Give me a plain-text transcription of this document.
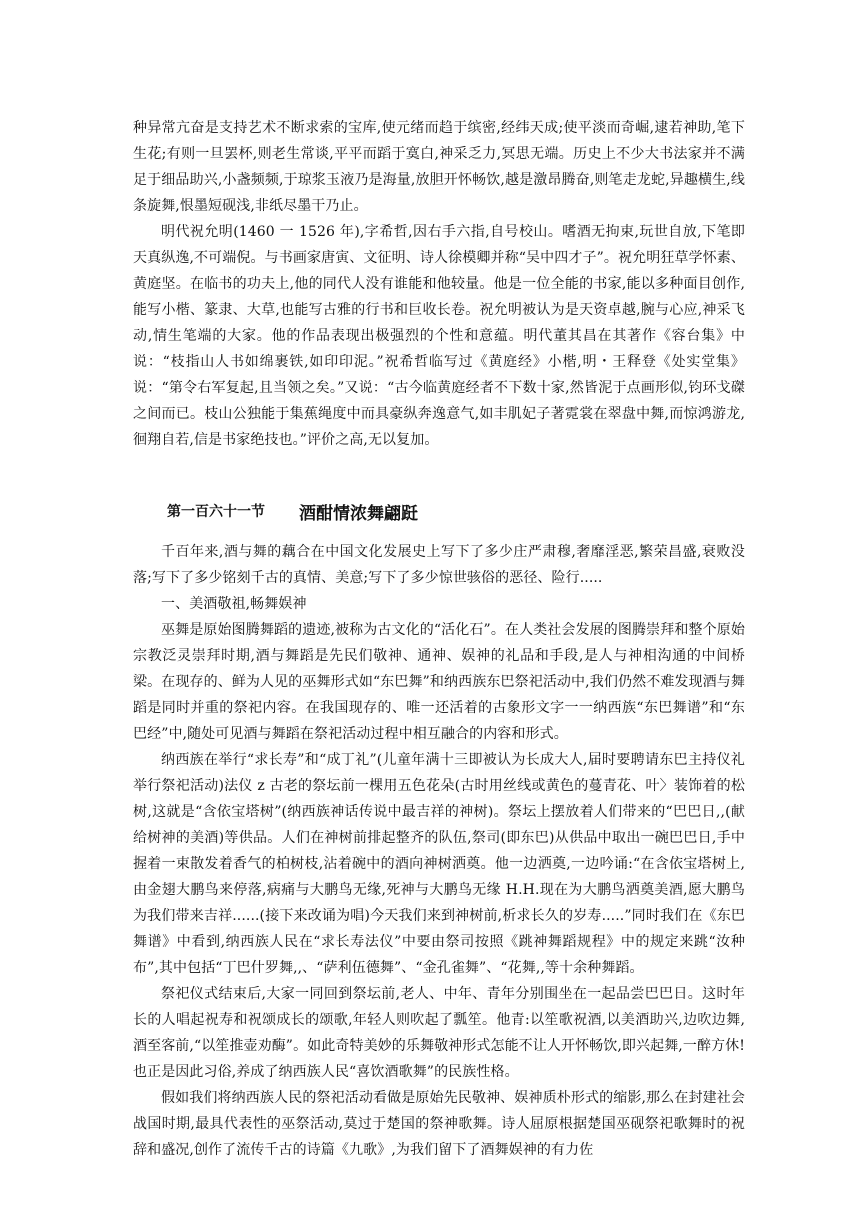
种异常亢奋是支持艺术不断求索的宝库,使元绪而趋于缤密,经纬天成;使平淡而奇崛,逮若神助,笔下生花;有则一旦罢杯,则老生常谈,平平而蹈于寞白,神采乏力,冥思无端。历史上不少大书法家并不满足于细品助兴,小盏频频,于琼浆玉液乃是海量,放胆开怀畅饮,越是激昂腾奋,则笔走龙蛇,异趣横生,线条旋舞,恨墨短砚浅,非纸尽墨干乃止。

明代祝允明(1460 一 1526 年),字希哲,因右手六指,自号校山。嗜酒无拘束,玩世自放,下笔即天真纵逸,不可端倪。与书画家唐寅、文征明、诗人徐模卿并称“吴中四才子”。祝允明狂草学怀素、黄庭坚。在临书的功夫上,他的同代人没有谁能和他较量。他是一位全能的书家,能以多种面目创作,能写小楷、篆隶、大草,也能写古雅的行书和巨收长卷。祝允明被认为是天资卓越,腕与心应,神采飞动,情生笔端的大家。他的作品表现出极强烈的个性和意蕴。明代董其昌在其著作《容台集》中说：“枝指山人书如绵裹铁,如印印泥。”祝希哲临写过《黄庭经》小楷,明・王释登《处实堂集》说：“第令右军复起,且当领之矣。”又说：“古今临黄庭经者不下数十家,然皆泥于点画形似,钧环戈磔之间而已。枝山公独能于集蕉绳度中而具豪纵奔逸意气,如丰肌妃子著霓裳在翠盘中舞,而惊鸿游龙,徊翔自若,信是书家绝技也。”评价之高,无以复加。

第一百六十一节 酒酣情浓舞翩跹

千百年来,酒与舞的藕合在中国文化发展史上写下了多少庄严肃穆,奢靡淫恶,繁荣昌盛,衰败没落;写下了多少铭刻千古的真情、美意;写下了多少惊世骇俗的恶径、险行.....

一、美酒敬祖,畅舞娱神

巫舞是原始图腾舞蹈的遗迹,被称为古文化的“活化石”。在人类社会发展的图腾崇拜和整个原始宗教泛灵崇拜时期,酒与舞蹈是先民们敬神、通神、娱神的礼品和手段,是人与神相沟通的中间桥梁。在现存的、鲜为人见的巫舞形式如“东巴舞”和纳西族东巴祭祀活动中,我们仍然不难发现酒与舞蹈是同时并重的祭祀内容。在我国现存的、唯一还活着的古象形文字一一纳西族“东巴舞谱”和“东巴经”中,随处可见酒与舞蹈在祭祀活动过程中相互融合的内容和形式。

纳西族在举行“求长寿”和“成丁礼”(儿童年满十三即被认为长成大人,届时要聘请东巴主持仪礼举行祭祀活动)法仪 z 古老的祭坛前一棵用五色花朵(古时用丝线或黄色的蔓青花、叶〉装饰着的松树,这就是“含依宝塔树”(纳西族神话传说中最吉祥的神树)。祭坛上摆放着人们带来的“巴巴日,,(献给树神的美酒)等供品。人们在神树前排起整齐的队伍,祭司(即东巴)从供品中取出一碗巴巴日,手中握着一束散发着香气的柏树枝,沾着碗中的酒向神树洒奠。他一边洒奠,一边吟诵:“在含依宝塔树上,由金翅大鹏鸟来停落,病痛与大鹏鸟无缘,死神与大鹏鸟无缘 H.H.现在为大鹏鸟洒奠美酒,愿大鹏鸟为我们带来吉祥......(接下来改诵为唱)今天我们来到神树前,析求长久的岁寿.....”同时我们在《东巴舞谱》中看到,纳西族人民在“求长寿法仪”中要由祭司按照《跳神舞蹈规程》中的规定来跳“汝种布”,其中包括“丁巴什罗舞,,、“萨利伍德舞”、“金孔雀舞”、“花舞,,等十余种舞蹈。

祭祀仪式结束后,大家一同回到祭坛前,老人、中年、青年分别围坐在一起品尝巴巴日。这时年长的人唱起祝寿和祝颂成长的颂歌,年轻人则吹起了瓢笙。他青:以笙歌祝酒,以美酒助兴,边吹边舞,酒至客前,“以笙推壶劝酶”。如此奇特美妙的乐舞敬神形式怎能不让人开怀畅饮,即兴起舞,一醉方休!也正是因此习俗,养成了纳西族人民“喜饮酒歌舞”的民族性格。

假如我们将纳西族人民的祭祀活动看做是原始先民敬神、娱神质朴形式的缩影,那么在封建社会战国时期,最具代表性的巫祭活动,莫过于楚国的祭神歌舞。诗人屈原根据楚国巫砚祭祀歌舞时的祝辞和盛况,创作了流传千古的诗篇《九歌》,为我们留下了酒舞娱神的有力佐
